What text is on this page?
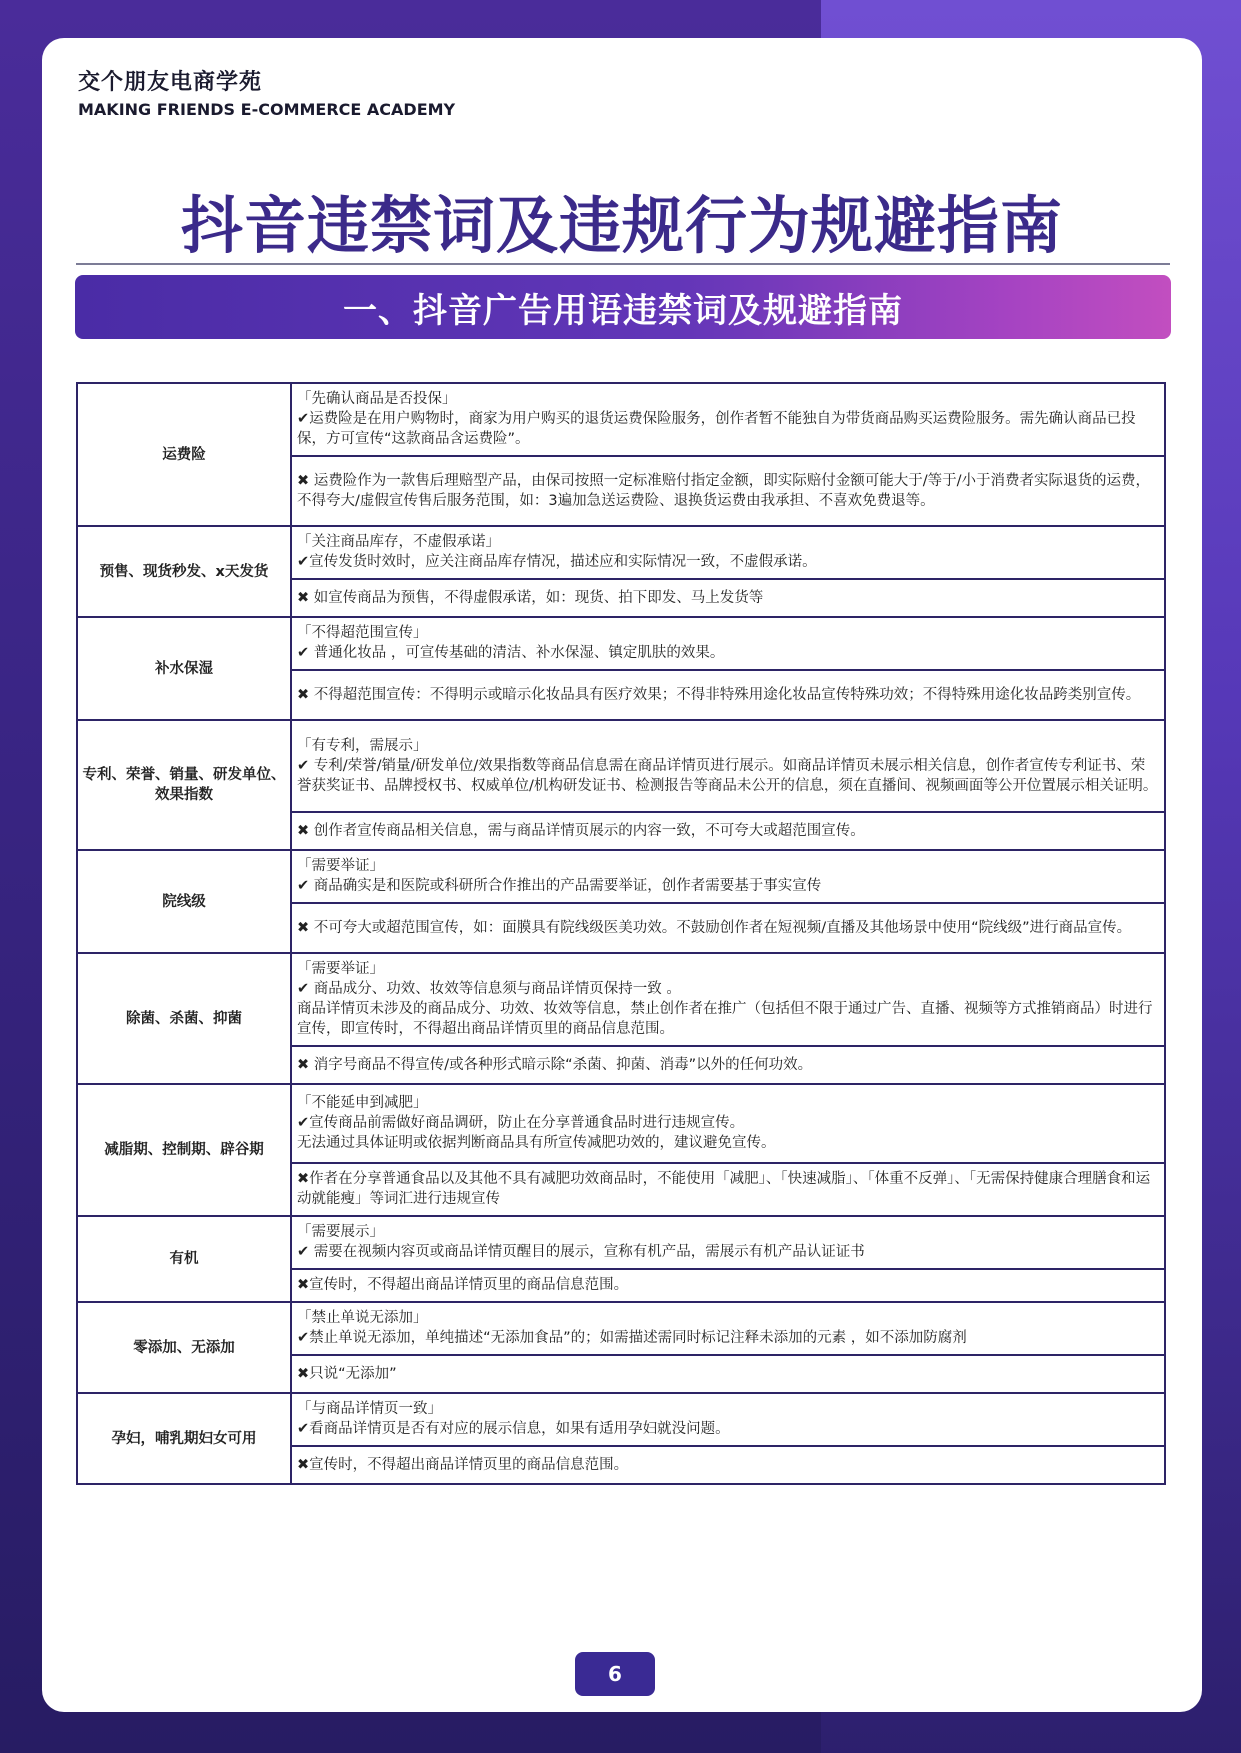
交个朋友电商学苑
MAKING FRIENDS E-COMMERCE ACADEMY
抖音违禁词及违规行为规避指南
一、抖音广告用语违禁词及规避指南
运费险	「先确认商品是否投保」
✔运费险是在用户购物时，商家为用户购买的退货运费保险服务，创作者暂不能独自为带货商品购买运费险服务。需先确认商品已投保，方可宣传“这款商品含运费险”。
	✖ 运费险作为一款售后理赔型产品，由保司按照一定标准赔付指定金额，即实际赔付金额可能大于/等于/小于消费者实际退货的运费，不得夸大/虚假宣传售后服务范围，如：3遍加急送运费险、退换货运费由我承担、不喜欢免费退等。
预售、现货秒发、x天发货	「关注商品库存，不虚假承诺」
✔宣传发货时效时，应关注商品库存情况，描述应和实际情况一致，不虚假承诺。
	✖ 如宣传商品为预售，不得虚假承诺，如：现货、拍下即发、马上发货等
补水保湿	「不得超范围宣传」
✔ 普通化妆品 ，可宣传基础的清洁、补水保湿、镇定肌肤的效果。
	✖ 不得超范围宣传：不得明示或暗示化妆品具有医疗效果；不得非特殊用途化妆品宣传特殊功效；不得特殊用途化妆品跨类别宣传。
专利、荣誉、销量、研发单位、效果指数	「有专利，需展示」
✔ 专利/荣誉/销量/研发单位/效果指数等商品信息需在商品详情页进行展示。如商品详情页未展示相关信息，创作者宣传专利证书、荣誉获奖证书、品牌授权书、权威单位/机构研发证书、检测报告等商品未公开的信息，须在直播间、视频画面等公开位置展示相关证明。
	✖ 创作者宣传商品相关信息，需与商品详情页展示的内容一致，不可夸大或超范围宣传。
院线级	「需要举证」
✔ 商品确实是和医院或科研所合作推出的产品需要举证，创作者需要基于事实宣传
	✖ 不可夸大或超范围宣传，如：面膜具有院线级医美功效。不鼓励创作者在短视频/直播及其他场景中使用“院线级”进行商品宣传。
除菌、杀菌、抑菌	「需要举证」
✔ 商品成分、功效、妆效等信息须与商品详情页保持一致 。
商品详情页未涉及的商品成分、功效、妆效等信息，禁止创作者在推广（包括但不限于通过广告、直播、视频等方式推销商品）时进行宣传，即宣传时，不得超出商品详情页里的商品信息范围。
	✖ 消字号商品不得宣传/或各种形式暗示除“杀菌、抑菌、消毒”以外的任何功效。
减脂期、控制期、辟谷期	「不能延申到减肥」
✔宣传商品前需做好商品调研，防止在分享普通食品时进行违规宣传。
无法通过具体证明或依据判断商品具有所宣传减肥功效的，建议避免宣传。
	✖作者在分享普通食品以及其他不具有减肥功效商品时，不能使用「减肥」、「快速减脂」、「体重不反弹」、「无需保持健康合理膳食和运动就能瘦」等词汇进行违规宣传
有机	「需要展示」
✔ 需要在视频内容页或商品详情页醒目的展示，宣称有机产品，需展示有机产品认证证书
	✖宣传时，不得超出商品详情页里的商品信息范围。
零添加、无添加	「禁止单说无添加」
✔禁止单说无添加，单纯描述“无添加食品”的；如需描述需同时标记注释未添加的元素 ，如不添加防腐剂
	✖只说“无添加”
孕妇，哺乳期妇女可用	「与商品详情页一致」
✔看商品详情页是否有对应的展示信息，如果有适用孕妇就没问题。
	✖宣传时，不得超出商品详情页里的商品信息范围。
6
